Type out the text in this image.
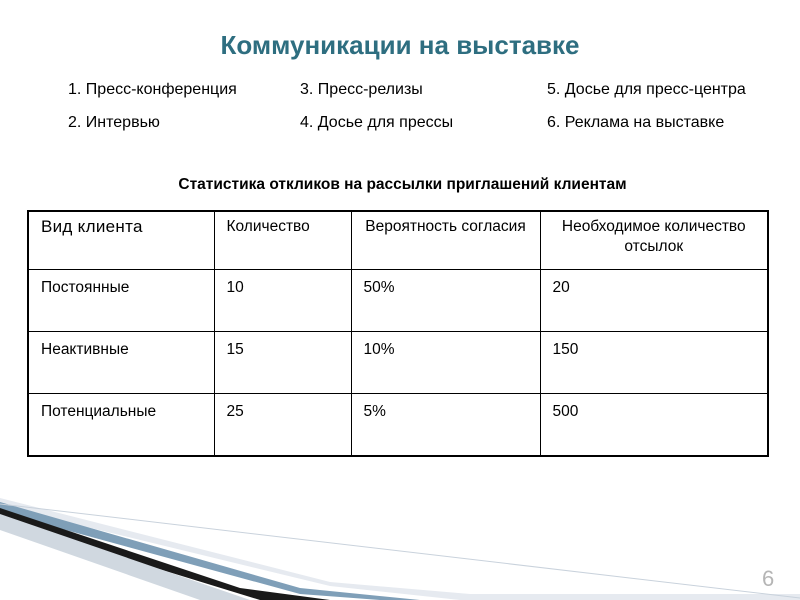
Коммуникации на выставке
1. Пресс-конференция
2. Интервью
3. Пресс-релизы
4. Досье для прессы
5. Досье для пресс-центра
6. Реклама на выставке
Статистика откликов на рассылки приглашений клиентам
Вид клиента	Количество	Вероятность согласия	Необходимое количество отсылок
Постоянные	10	50%	20
Неактивные	15	10%	150
Потенциальные	25	5%	500
6
